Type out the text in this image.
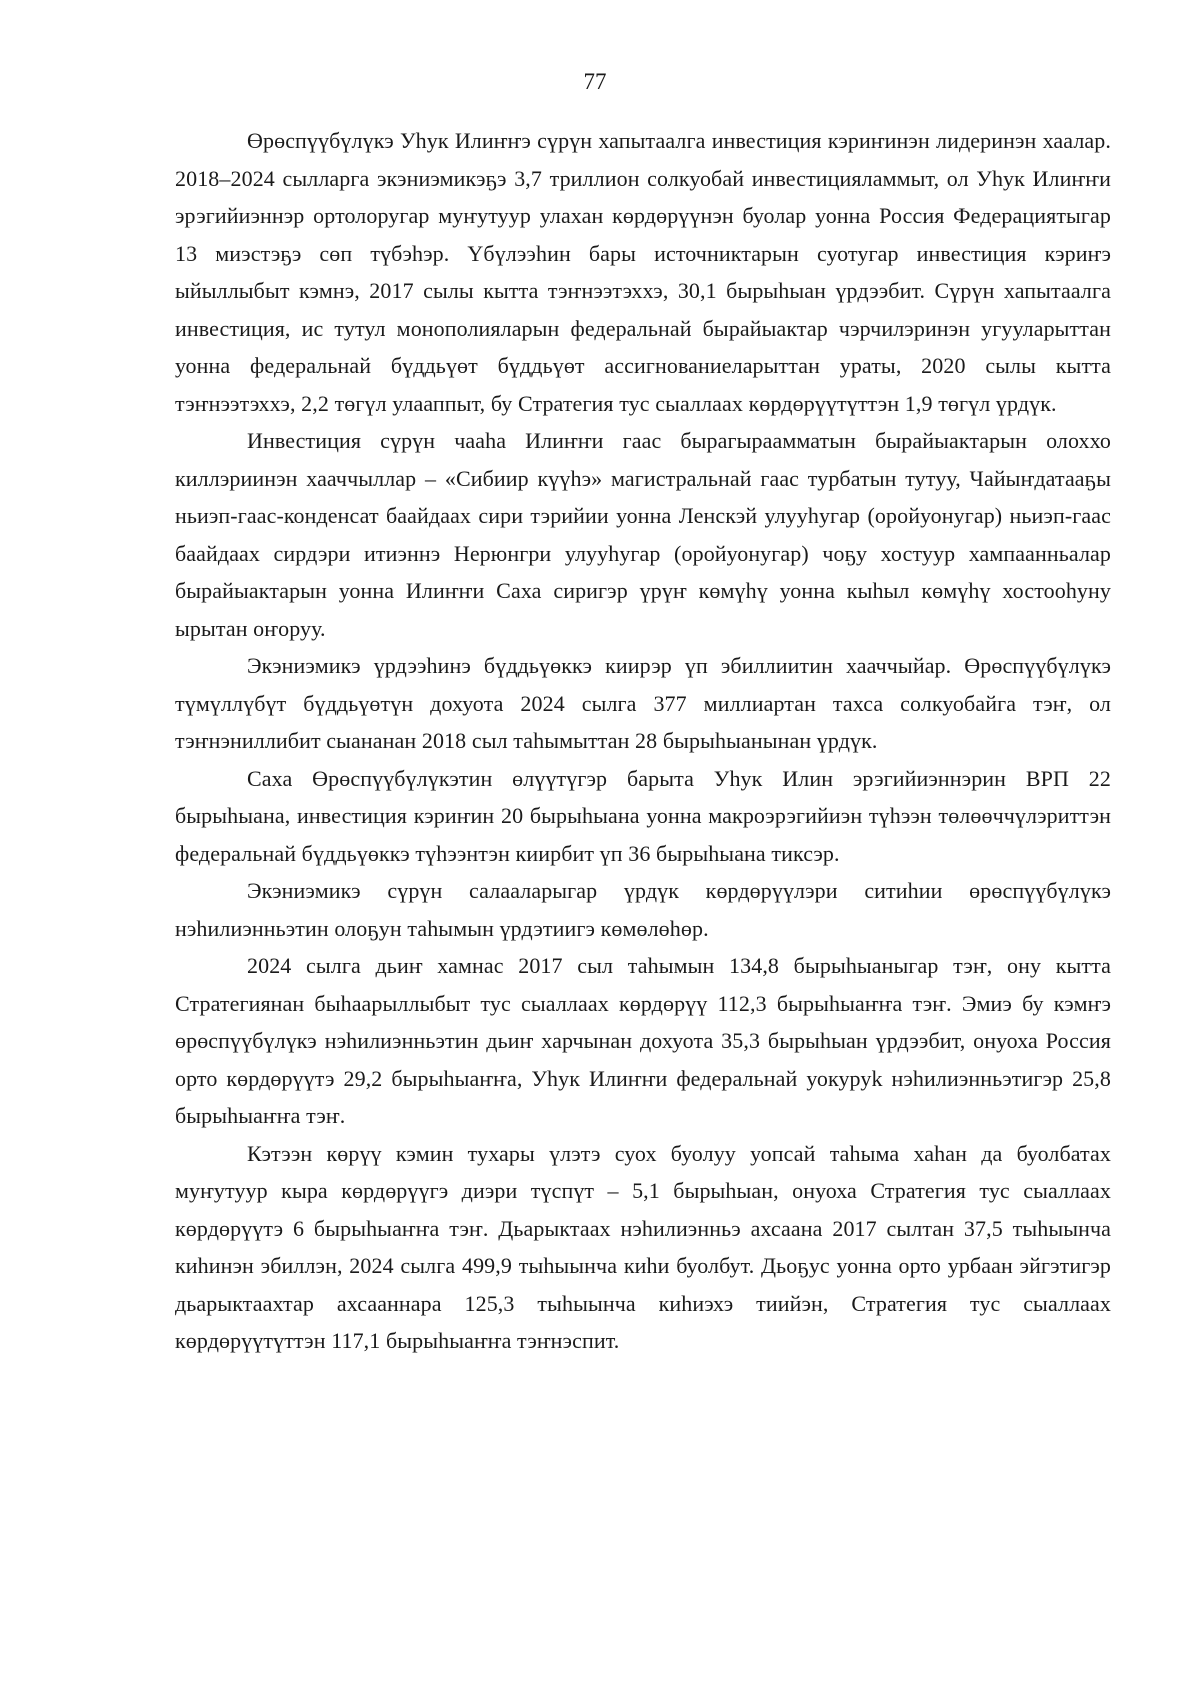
77

Өрөспүүбүлүкэ Уһук Илиҥҥэ сүрүн хапытаалга инвестиция кэриҥинэн лидеринэн хаалар. 2018–2024 сылларга экэниэмикэҕэ 3,7 триллион солкуобай инвестицияламмыт, ол Уһук Илиҥҥи эрэгийиэннэр ортолоругар муҥутуур улахан көрдөрүүнэн буолар уонна Россия Федерациятыгар 13 миэстэҕэ сөп түбэһэр. Үбүлээһин бары источниктарын суотугар инвестиция кэриҥэ ыйыллыбыт кэмнэ, 2017 сылы кытта тэҥнээтэххэ, 30,1 бырыһыан үрдээбит. Сүрүн хапытаалга инвестиция, ис тутул монополияларын федеральнай бырайыактар чэрчилэринэн угууларыттан уонна федеральнай бүддьүөт бүддьүөт ассигнованиеларыттан ураты, 2020 сылы кытта тэҥнээтэххэ, 2,2 төгүл улааппыт, бу Стратегия тус сыаллаах көрдөрүүтүттэн 1,9 төгүл үрдүк.

Инвестиция сүрүн чааһа Илиҥҥи гаас бырагыраамматын бырайыактарын олоххо киллэриинэн хааччыллар – «Сибиир күүһэ» магистральнай гаас турбатын тутуу, Чайыҥдатааҕы ньиэп-гаас-конденсат баайдаах сири тэрийии уонна Ленскэй улууһугар (оройуонугар) ньиэп-гаас баайдаах сирдэри итиэннэ Нерюнгри улууһугар (оройуонугар) чоҕу хостуур хампаанньалар бырайыактарын уонна Илиҥҥи Саха сиригэр үрүҥ көмүһү уонна кыһыл көмүһү хостооһуну ырытан оҥоруу.

Экэниэмикэ үрдээһинэ бүддьүөккэ киирэр үп эбиллиитин хааччыйар. Өрөспүүбүлүкэ түмүллүбүт бүддьүөтүн дохуота 2024 сылга 377 миллиартан тахса солкуобайга тэҥ, ол тэҥнэниллибит сыананан 2018 сыл таһымыттан 28 бырыһыанынан үрдүк.

Саха Өрөспүүбүлүкэтин өлүүтүгэр барыта Уһук Илин эрэгийиэннэрин ВРП 22 бырыһыана, инвестиция кэриҥин 20 бырыһыана уонна макроэрэгийиэн түһээн төлөөччүлэриттэн федеральнай бүддьүөккэ түһээнтэн киирбит үп 36 бырыһыана тиксэр.

Экэниэмикэ сүрүн салааларыгар үрдүк көрдөрүүлэри ситиһии өрөспүүбүлүкэ нэһилиэнньэтин олоҕун таһымын үрдэтиигэ көмөлөһөр.

2024 сылга дьиҥ хамнас 2017 сыл таһымын 134,8 бырыһыаныгар тэҥ, ону кытта Стратегиянан быһаарыллыбыт тус сыаллаах көрдөрүү 112,3 бырыһыаҥҥа тэҥ. Эмиэ бу кэмҥэ өрөспүүбүлүкэ нэһилиэнньэтин дьиҥ харчынан дохуота 35,3 бырыһыан үрдээбит, онуоха Россия орто көрдөрүүтэ 29,2 бырыһыаҥҥа, Уһук Илиҥҥи федеральнай уокуруk нэһилиэнньэтигэр 25,8 бырыһыаҥҥа тэҥ.

Кэтээн көрүү кэмин тухары үлэтэ суох буолуу уопсай таһыма хаһан да буолбатах муҥутуур кыра көрдөрүүгэ диэри түспүт – 5,1 бырыһыан, онуоха Стратегия тус сыаллаах көрдөрүүтэ 6 бырыһыаҥҥа тэҥ. Дьарыктаах нэһилиэнньэ ахсаана 2017 сылтан 37,5 тыһыынча киһинэн эбиллэн, 2024 сылга 499,9 тыһыынча киһи буолбут. Дьоҕус уонна орто урбаан эйгэтигэр дьарыктаахтар ахсааннара 125,3 тыһыынча киһиэхэ тиийэн, Стратегия тус сыаллаах көрдөрүүтүттэн 117,1 бырыһыаҥҥа тэҥнэспит.
